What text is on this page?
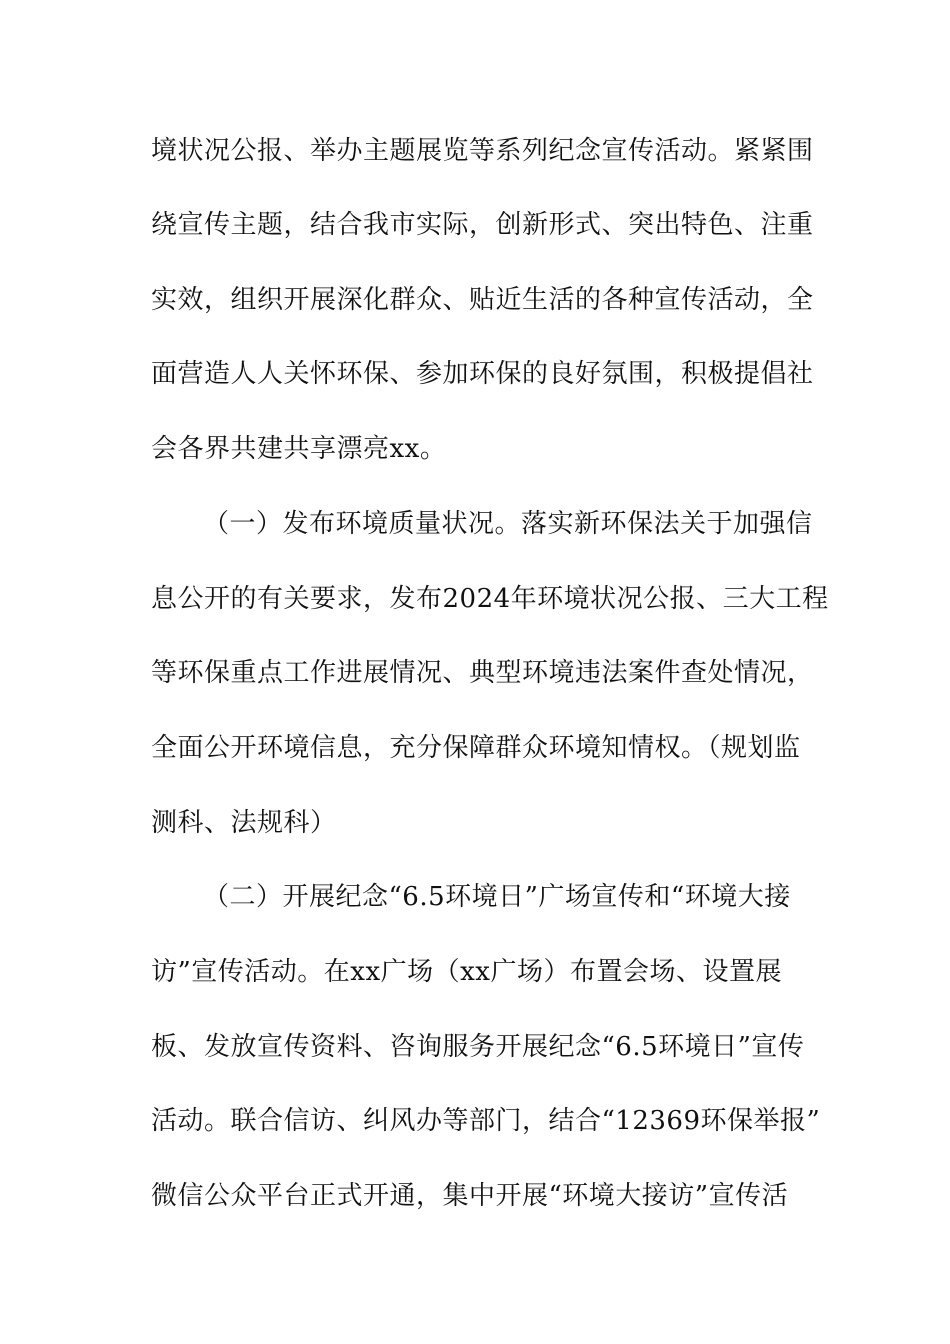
境状况公报、举办主题展览等系列纪念宣传活动。紧紧围
绕宣传主题，结合我市实际，创新形式、突出特色、注重
实效，组织开展深化群众、贴近生活的各种宣传活动，全
面营造人人关怀环保、参加环保的良好氛围，积极提倡社
会各界共建共享漂亮xx。
（一）发布环境质量状况。落实新环保法关于加强信
息公开的有关要求，发布2024年环境状况公报、三大工程
等环保重点工作进展情况、典型环境违法案件查处情况，
全面公开环境信息，充分保障群众环境知情权。（规划监
测科、法规科）
（二）开展纪念“6.5环境日”广场宣传和“环境大接
访”宣传活动。在xx广场（xx广场）布置会场、设置展
板、发放宣传资料、咨询服务开展纪念“6.5环境日”宣传
活动。联合信访、纠风办等部门，结合“12369环保举报”
微信公众平台正式开通，集中开展“环境大接访”宣传活
